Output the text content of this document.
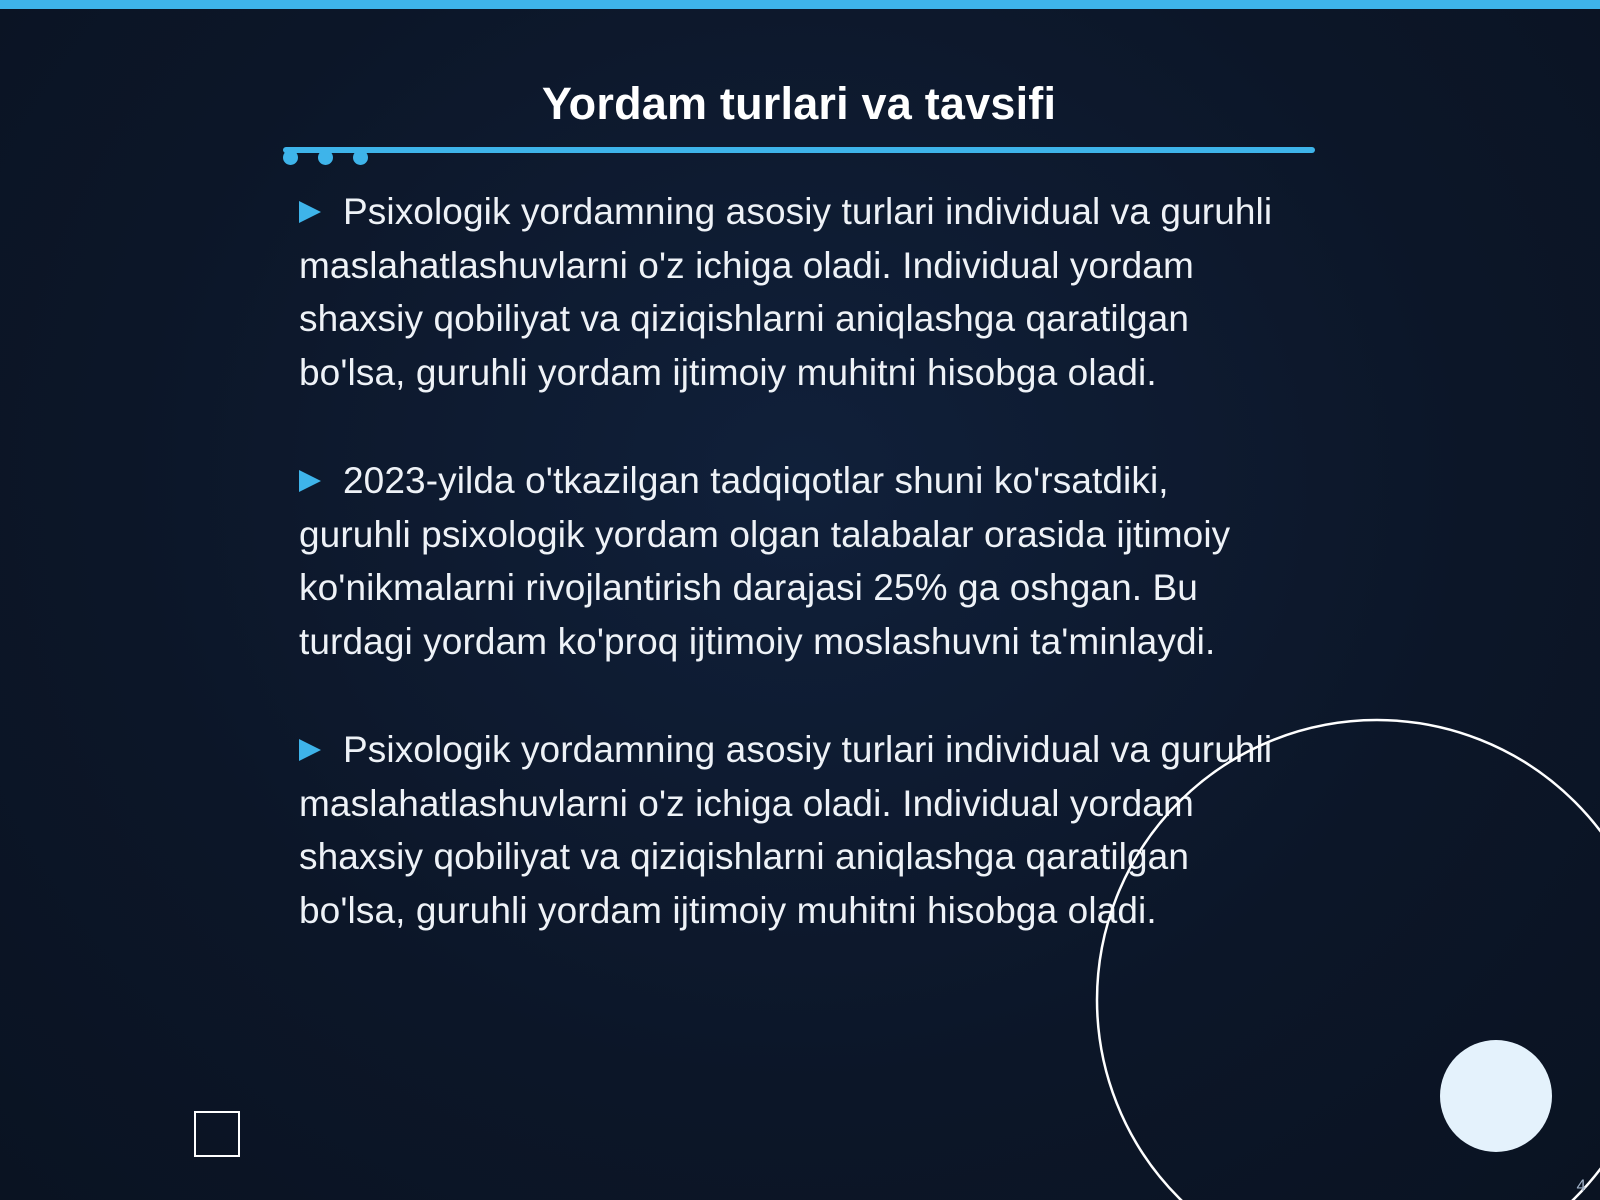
Yordam turlari va tavsifi

Psixologik yordamning asosiy turlari individual va guruhli maslahatlashuvlarni o'z ichiga oladi. Individual yordam shaxsiy qobiliyat va qiziqishlarni aniqlashga qaratilgan bo'lsa, guruhli yordam ijtimoiy muhitni hisobga oladi.

2023-yilda o'tkazilgan tadqiqotlar shuni ko'rsatdiki, guruhli psixologik yordam olgan talabalar orasida ijtimoiy ko'nikmalarni rivojlantirish darajasi 25% ga oshgan. Bu turdagi yordam ko'proq ijtimoiy moslashuvni ta'minlaydi.

Psixologik yordamning asosiy turlari individual va guruhli maslahatlashuvlarni o'z ichiga oladi. Individual yordam shaxsiy qobiliyat va qiziqishlarni aniqlashga qaratilgan bo'lsa, guruhli yordam ijtimoiy muhitni hisobga oladi.

4
